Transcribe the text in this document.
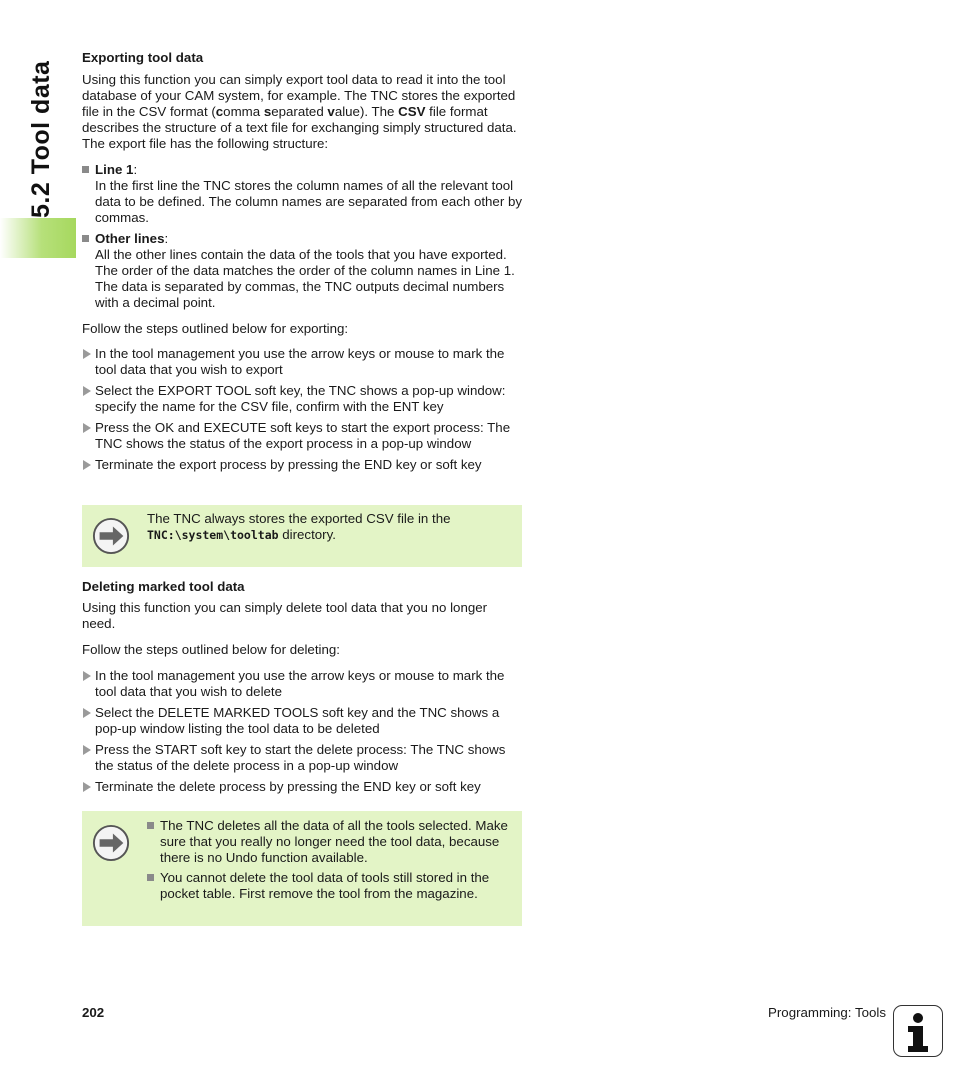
5.2 Tool data

Exporting tool data

Using this function you can simply export tool data to read it into the tool database of your CAM system, for example. The TNC stores the exported file in the CSV format (comma separated value). The CSV file format describes the structure of a text file for exchanging simply structured data. The export file has the following structure:

Line 1:
In the first line the TNC stores the column names of all the relevant tool data to be defined. The column names are separated from each other by commas.
Other lines:
All the other lines contain the data of the tools that you have exported. The order of the data matches the order of the column names in Line 1. The data is separated by commas, the TNC outputs decimal numbers with a decimal point.

Follow the steps outlined below for exporting:

In the tool management you use the arrow keys or mouse to mark the tool data that you wish to export
Select the EXPORT TOOL soft key, the TNC shows a pop-up window: specify the name for the CSV file, confirm with the ENT key
Press the OK and EXECUTE soft keys to start the export process: The TNC shows the status of the export process in a pop-up window
Terminate the export process by pressing the END key or soft key
The TNC always stores the exported CSV file in the TNC:\system\tooltab directory.

Deleting marked tool data

Using this function you can simply delete tool data that you no longer need.

Follow the steps outlined below for deleting:

In the tool management you use the arrow keys or mouse to mark the tool data that you wish to delete
Select the DELETE MARKED TOOLS soft key and the TNC shows a pop-up window listing the tool data to be deleted
Press the START soft key to start the delete process: The TNC shows the status of the delete process in a pop-up window
Terminate the delete process by pressing the END key or soft key
The TNC deletes all the data of all the tools selected. Make sure that you really no longer need the tool data, because there is no Undo function available.
You cannot delete the tool data of tools still stored in the pocket table. First remove the tool from the magazine.
202	Programming: Tools
